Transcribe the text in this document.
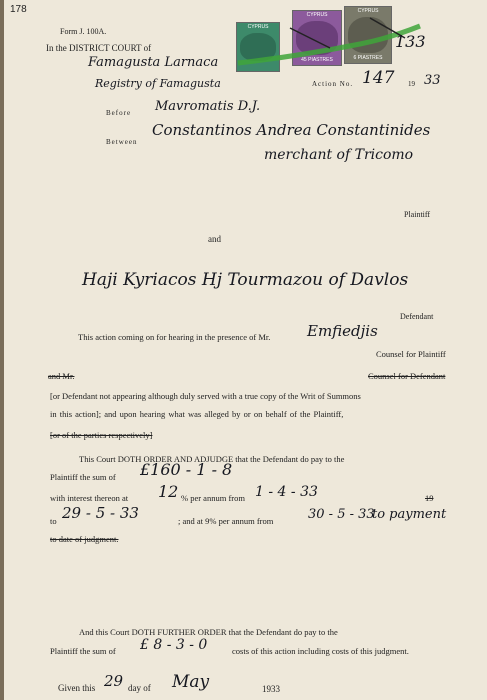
178
CYPRUS
CYPRUS
45 PIASTRES
CYPRUS
6 PIASTRES
133
Form J. 100A.
In the DISTRICT COURT of
Famagusta Larnaca
Registry of Famagusta	Action No. 147 19 33
Before Mavromatis D.J.
Between
Constantinos Andrea Constantinides
merchant of Tricomo
Plaintiff
and
Haji Kyriacos Hj Tourmazou of Davlos
Defendant
This action coming on for hearing in the presence of Mr. Emfiedjis
Counsel for Plaintiff
and Mr.	Counsel for Defendant
[or Defendant not appearing although duly served with a true copy of the Writ of Summons
in this action]; and upon hearing what was alleged by or on behalf of the Plaintiff,
[or of the parties respectively]
This Court DOTH ORDER AND ADJUDGE that the Defendant do pay to the
Plaintiff the sum of £160 - 1 - 8
with interest thereon at 12 % per annum from 1 - 4 - 33	19
to 29 - 5 - 33	; and at 9% per annum from	30 - 5 - 33
to payment
to date of judgment.
And this Court DOTH FURTHER ORDER that the Defendant do pay to the
Plaintiff the sum of £ 8 - 3 - 0	costs of this action including costs of this judgment.
Given this 29 day of May	1933
